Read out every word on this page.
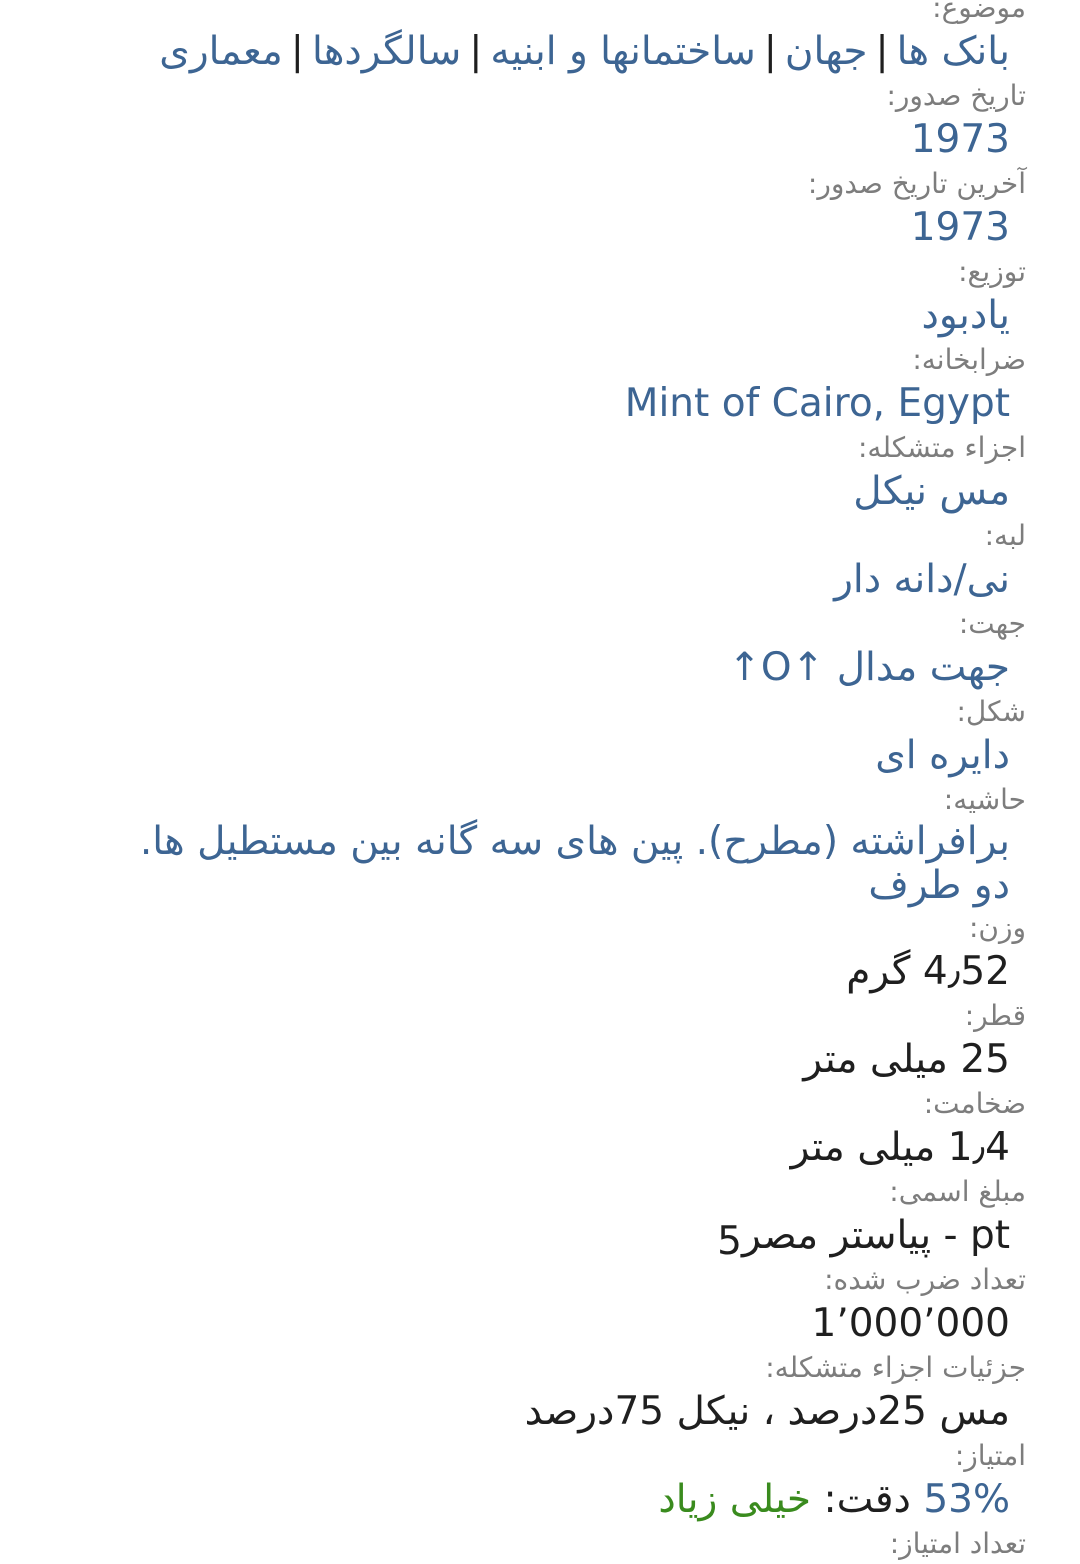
موضوع:
بانک ها|جهان|ساختمانها و ابنیه|سالگردها|معماری
تاریخ صدور:
1973
آخرین تاریخ صدور:
1973
توزیع:
یادبود
ضرابخانه:
Mint of Cairo, Egypt
اجزاء متشکله:
مس نیکل
لبه:
نی/دانه دار
جهت:
جهت مدال ↑O↑
شکل:
دایره ای
حاشیه:
برافراشته (مطرح). پین های سه گانه بین مستطیل ها. دو طرف
وزن:
4٫52 گرم
قطر:
25 میلی متر
ضخامت:
1٫4 میلی متر
مبلغ اسمی:
pt - پیاستر مصر5
تعداد ضرب شده:
1٬000٬000
جزئیات اجزاء متشکله:
مس 25درصد ، نیکل 75درصد
امتیاز:
53% دقت: خیلی زیاد
تعداد امتیاز:
